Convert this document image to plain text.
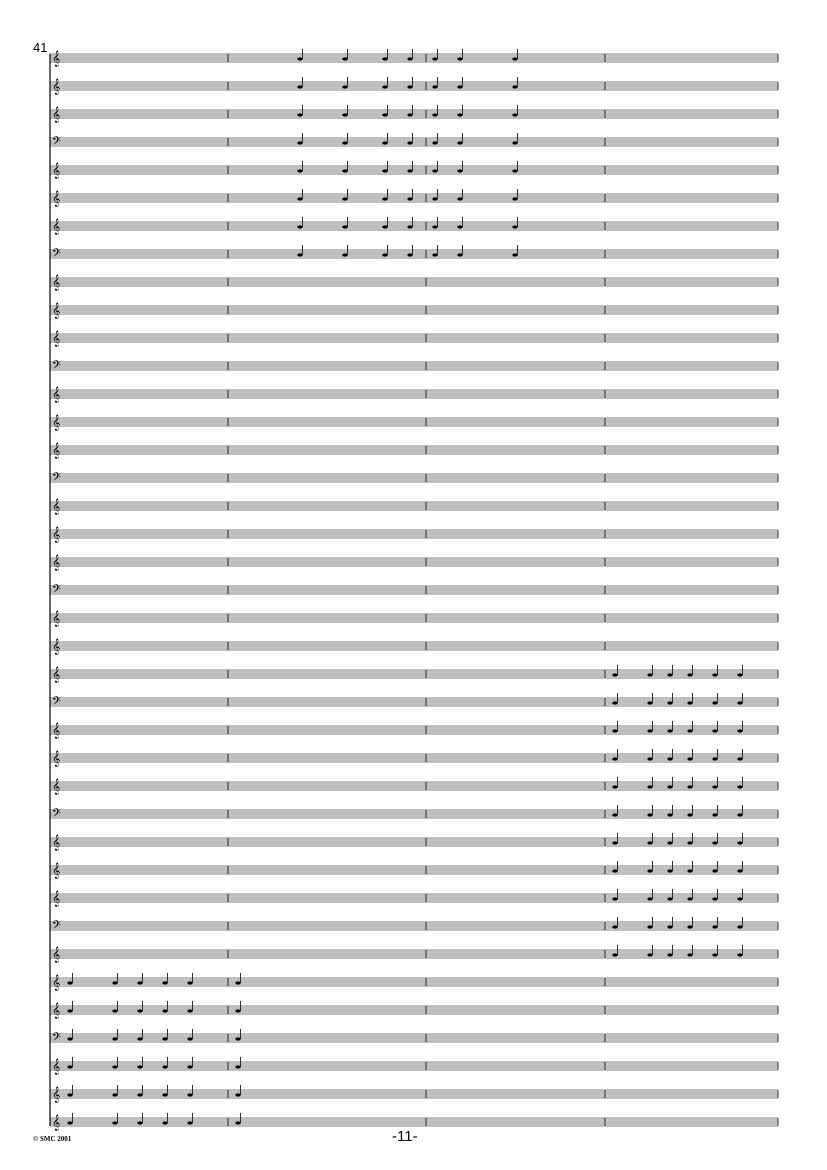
41
𝄞
𝄞
𝄞
𝄢
𝄞
𝄞
𝄞
𝄢
𝄞
𝄞
𝄞
𝄢
𝄞
𝄞
𝄞
𝄢
𝄞
𝄞
𝄞
𝄢
𝄞
𝄞
𝄞
𝄢
𝄞
𝄞
𝄞
𝄢
𝄞
𝄞
𝄞
𝄢
𝄞
𝄞
𝄞
𝄢
𝄞
𝄞
𝄞
-11-
© SMC 2001
